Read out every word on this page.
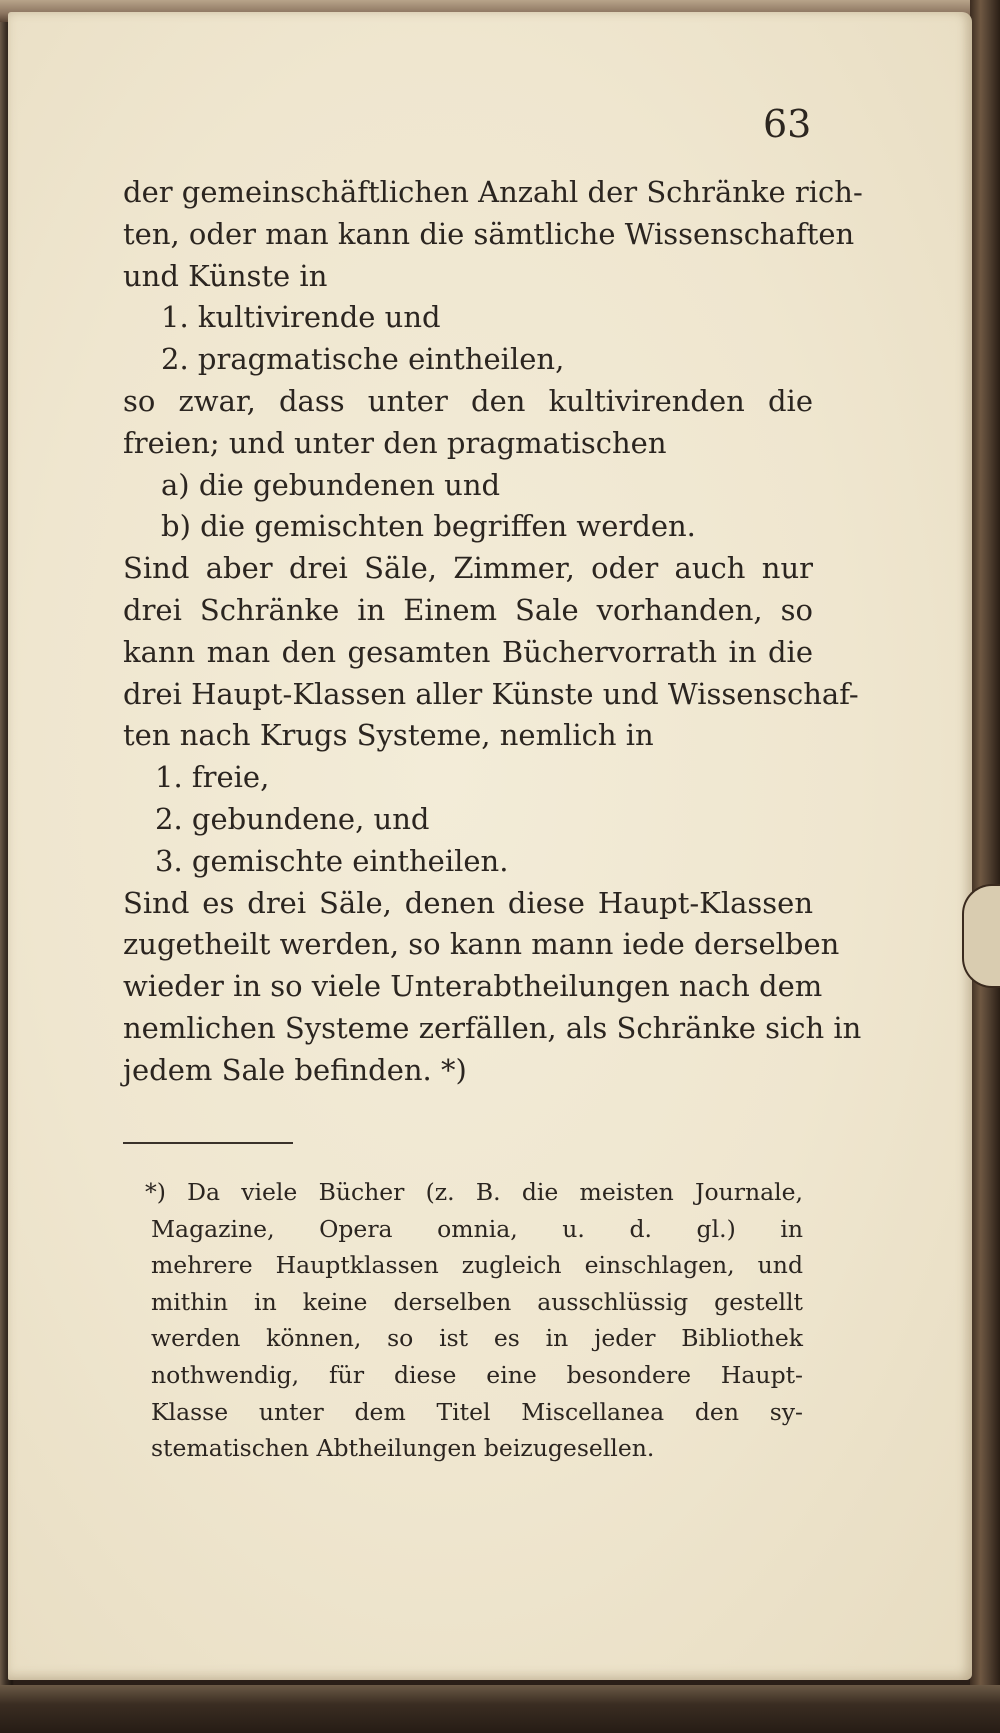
63
der gemeinschäftlichen Anzahl der Schränke rich-
ten, oder man kann die sämtliche Wissenschaften
und Künste in
1. kultivirende und
2. pragmatische eintheilen,
so zwar, dass unter den kultivirenden die
freien; und unter den pragmatischen
a) die gebundenen und
b) die gemischten begriffen werden.
Sind aber drei Säle, Zimmer, oder auch nur
drei Schränke in Einem Sale vorhanden, so
kann man den gesamten Büchervorrath in die
drei Haupt-Klassen aller Künste und Wissenschaf-
ten nach Krugs Systeme, nemlich in
1. freie,
2. gebundene, und
3. gemischte eintheilen.
Sind es drei Säle, denen diese Haupt-Klassen
zugetheilt werden, so kann mann iede derselben
wieder in so viele Unterabtheilungen nach dem
nemlichen Systeme zerfällen, als Schränke sich in
jedem Sale befinden. *)
*) Da viele Bücher (z. B. die meisten Journale,
Magazine, Opera omnia, u. d. gl.) in
mehrere Hauptklassen zugleich einschlagen, und
mithin in keine derselben ausschlüssig gestellt
werden können, so ist es in jeder Bibliothek
nothwendig, für diese eine besondere Haupt-
Klasse unter dem Titel Miscellanea den sy-
stematischen Abtheilungen beizugesellen.
